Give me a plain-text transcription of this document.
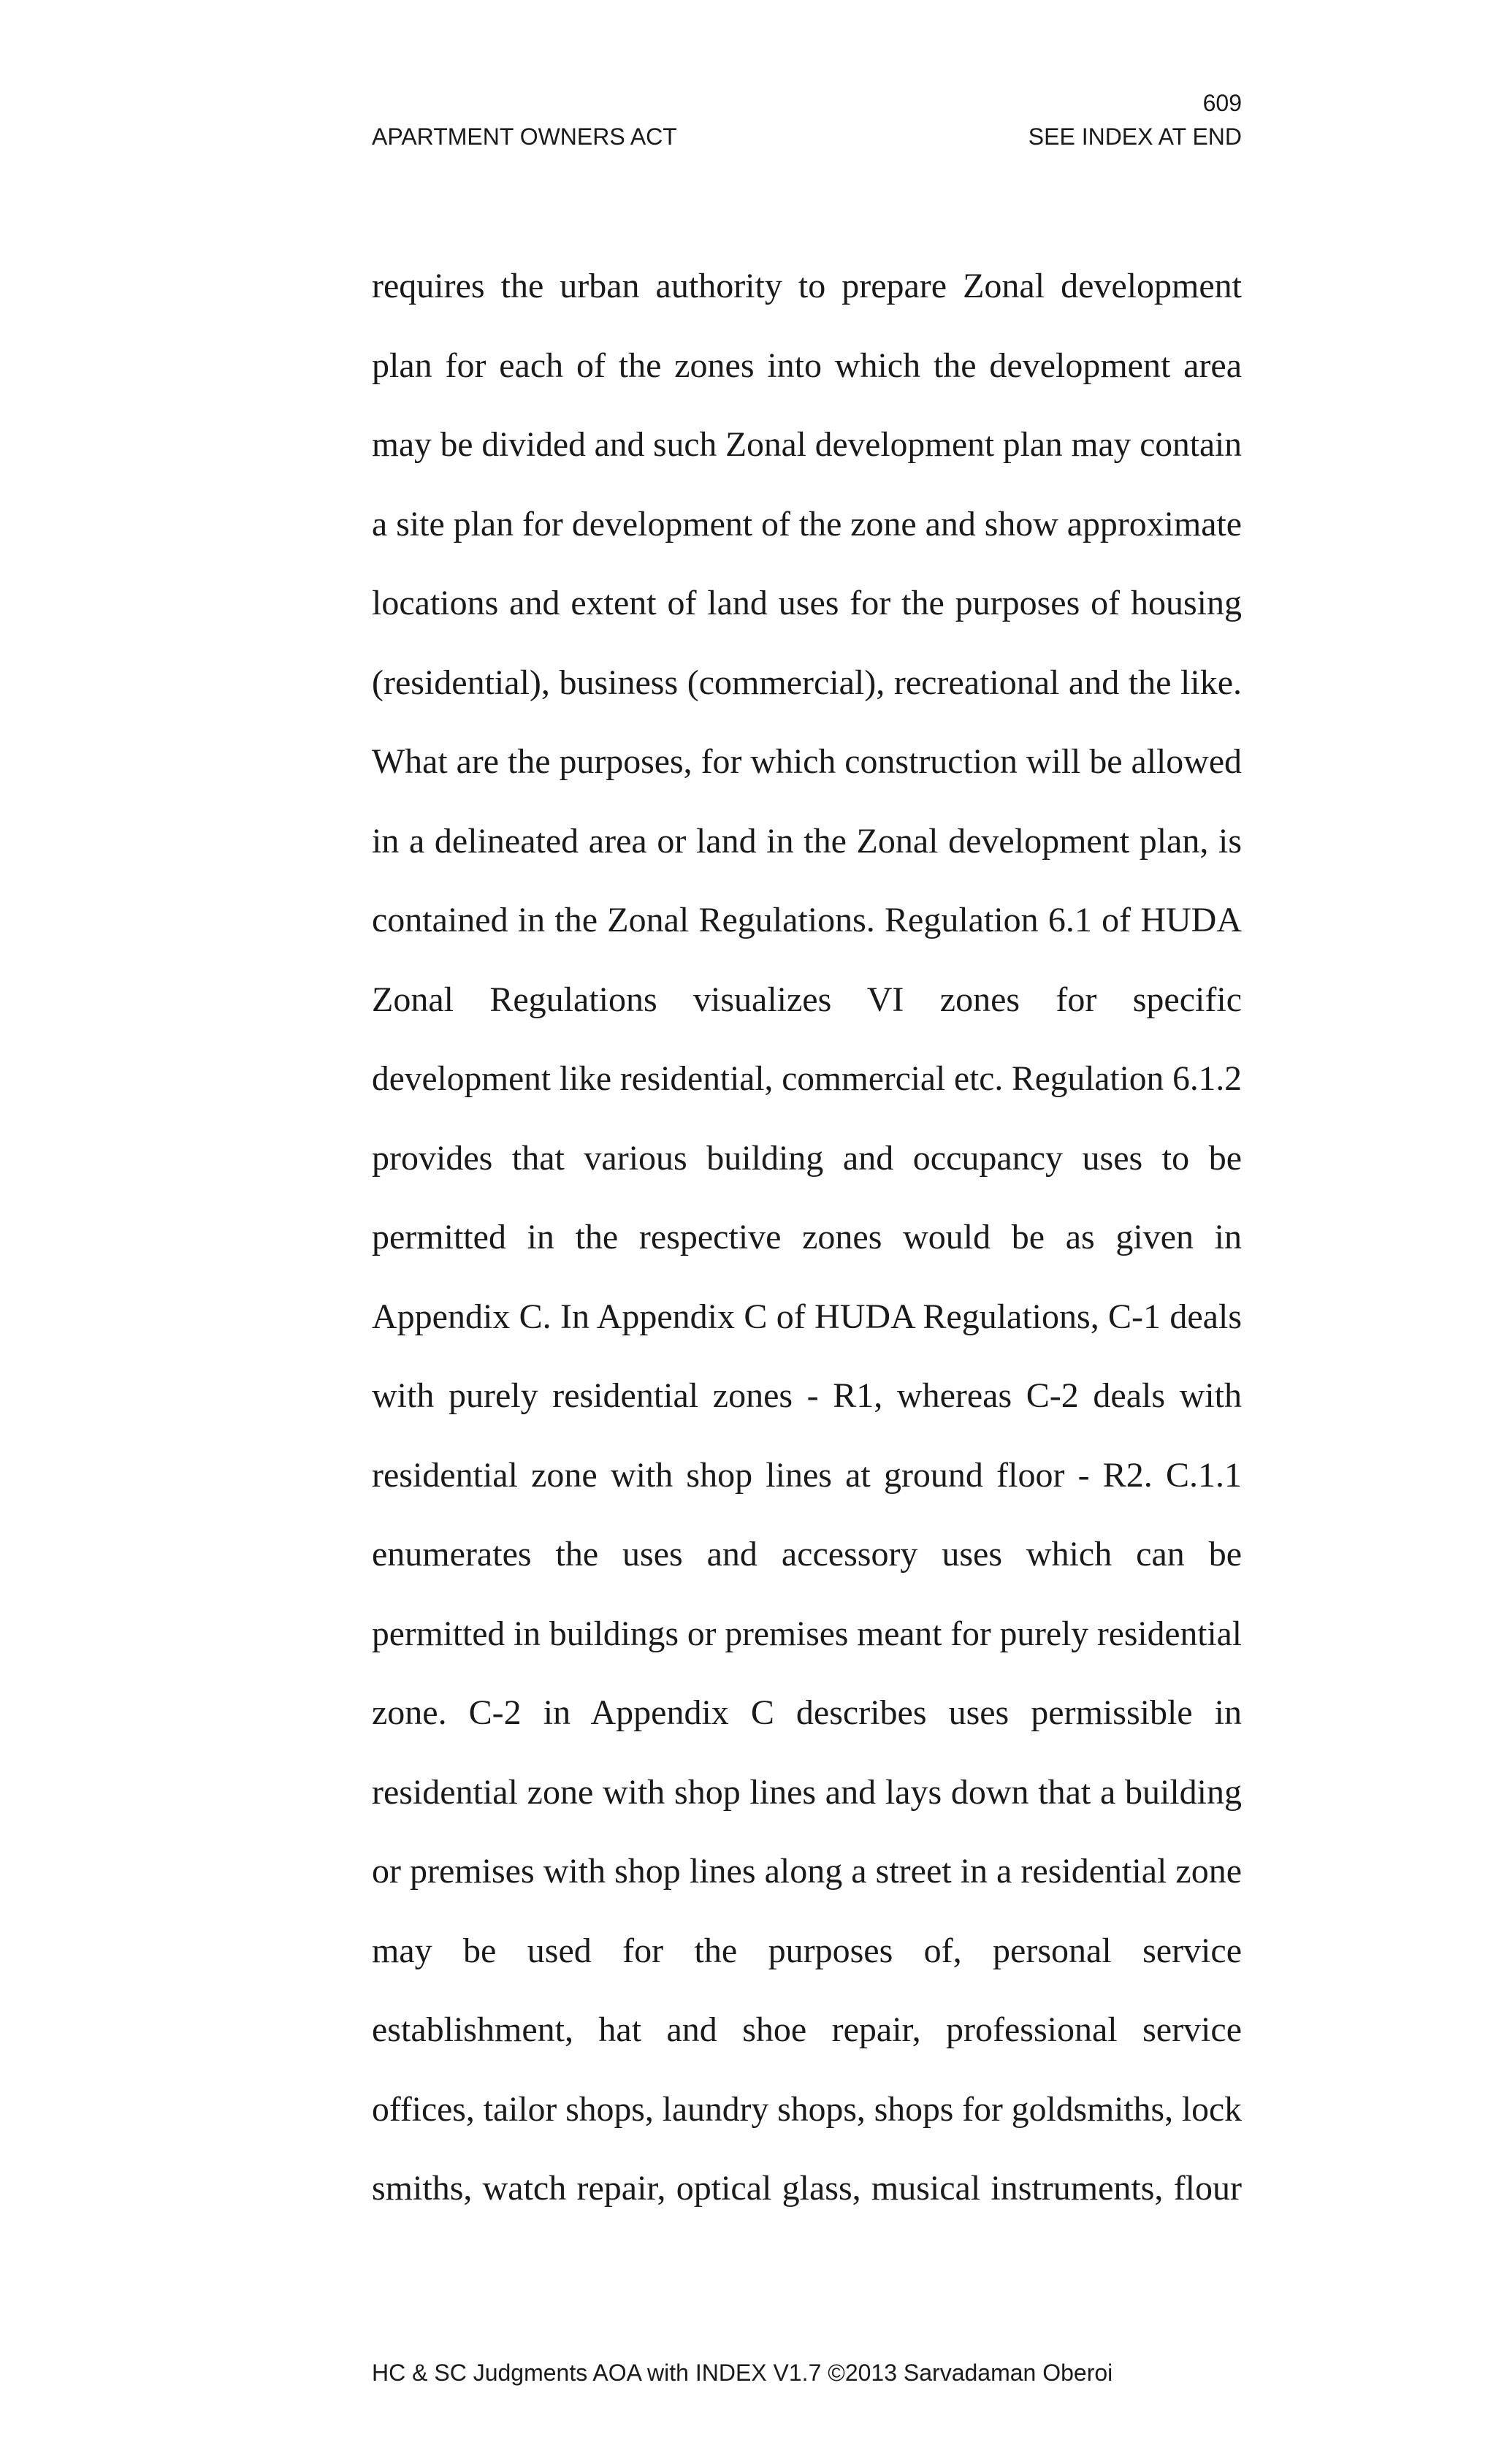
609
APARTMENT OWNERS ACT	SEE INDEX AT END
requires the urban authority to prepare Zonal development
plan for each of the zones into which the development area
may be divided and such Zonal development plan may contain
a site plan for development of the zone and show approximate
locations and extent of land uses for the purposes of housing
(residential), business (commercial), recreational and the like.
What are the purposes, for which construction will be allowed
in a delineated area or land in the Zonal development plan, is
contained in the Zonal Regulations. Regulation 6.1 of HUDA
Zonal Regulations visualizes VI zones for specific
development like residential, commercial etc. Regulation 6.1.2
provides that various building and occupancy uses to be
permitted in the respective zones would be as given in
Appendix C. In Appendix C of HUDA Regulations, C-1 deals
with purely residential zones - R1, whereas C-2 deals with
residential zone with shop lines at ground floor - R2. C.1.1
enumerates the uses and accessory uses which can be
permitted in buildings or premises meant for purely residential
zone. C-2 in Appendix C describes uses permissible in
residential zone with shop lines and lays down that a building
or premises with shop lines along a street in a residential zone
may be used for the purposes of, personal service
establishment, hat and shoe repair, professional service
offices, tailor shops, laundry shops, shops for goldsmiths, lock
smiths, watch repair, optical glass, musical instruments, flour
HC & SC Judgments AOA with INDEX V1.7 ©2013 Sarvadaman Oberoi
